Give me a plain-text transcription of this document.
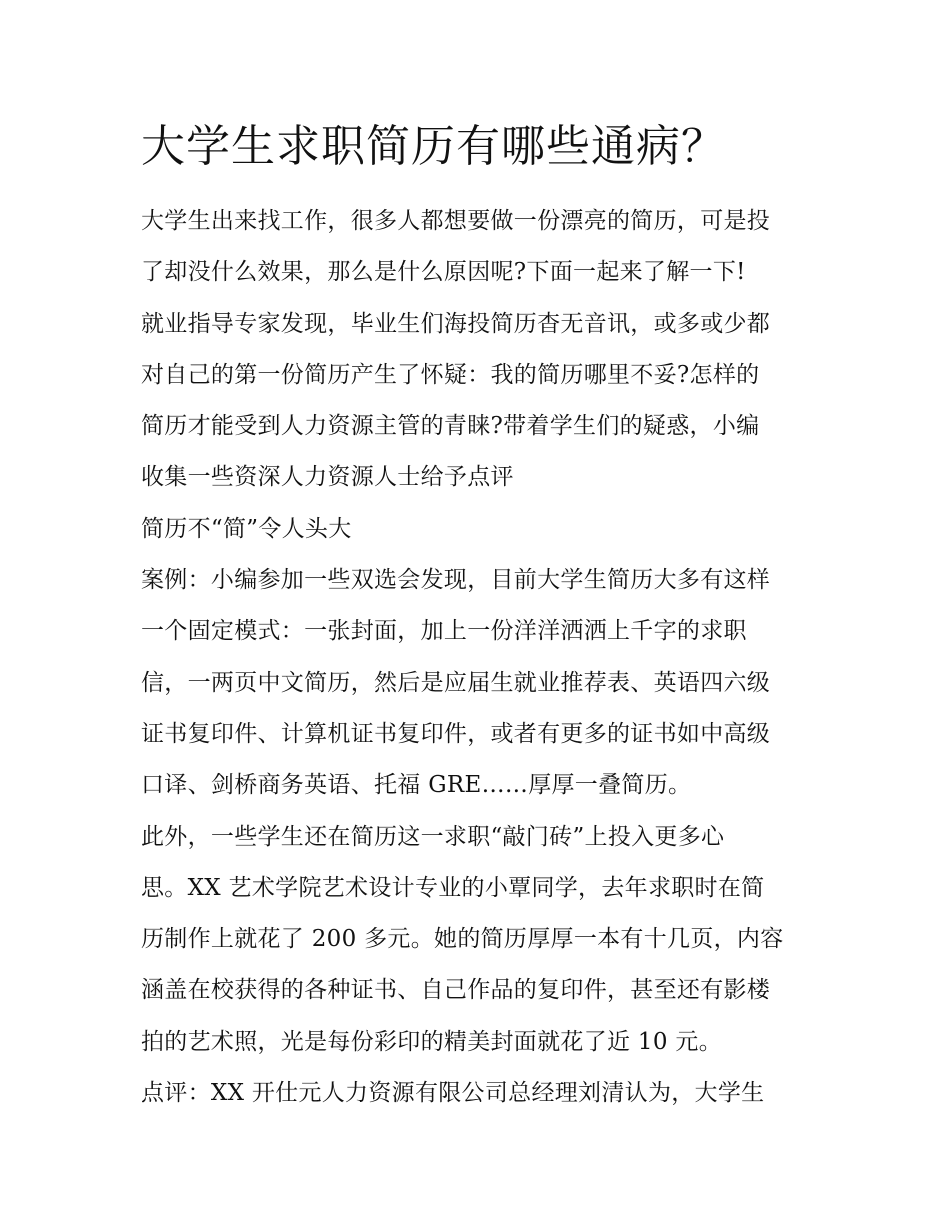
大学生求职简历有哪些通病？
大学生出来找工作，很多人都想要做一份漂亮的简历，可是投
了却没什么效果，那么是什么原因呢?下面一起来了解一下!
就业指导专家发现，毕业生们海投简历杳无音讯，或多或少都
对自己的第一份简历产生了怀疑：我的简历哪里不妥?怎样的
简历才能受到人力资源主管的青睐?带着学生们的疑惑，小编
收集一些资深人力资源人士给予点评
简历不“简”令人头大
案例：小编参加一些双选会发现，目前大学生简历大多有这样
一个固定模式：一张封面，加上一份洋洋洒洒上千字的求职
信，一两页中文简历，然后是应届生就业推荐表、英语四六级
证书复印件、计算机证书复印件，或者有更多的证书如中高级
口译、剑桥商务英语、托福 GRE……厚厚一叠简历。
此外，一些学生还在简历这一求职“敲门砖”上投入更多心
思。XX 艺术学院艺术设计专业的小覃同学，去年求职时在简
历制作上就花了 200 多元。她的简历厚厚一本有十几页，内容
涵盖在校获得的各种证书、自己作品的复印件，甚至还有影楼
拍的艺术照，光是每份彩印的精美封面就花了近 10 元。
点评：XX 开仕元人力资源有限公司总经理刘清认为，大学生
